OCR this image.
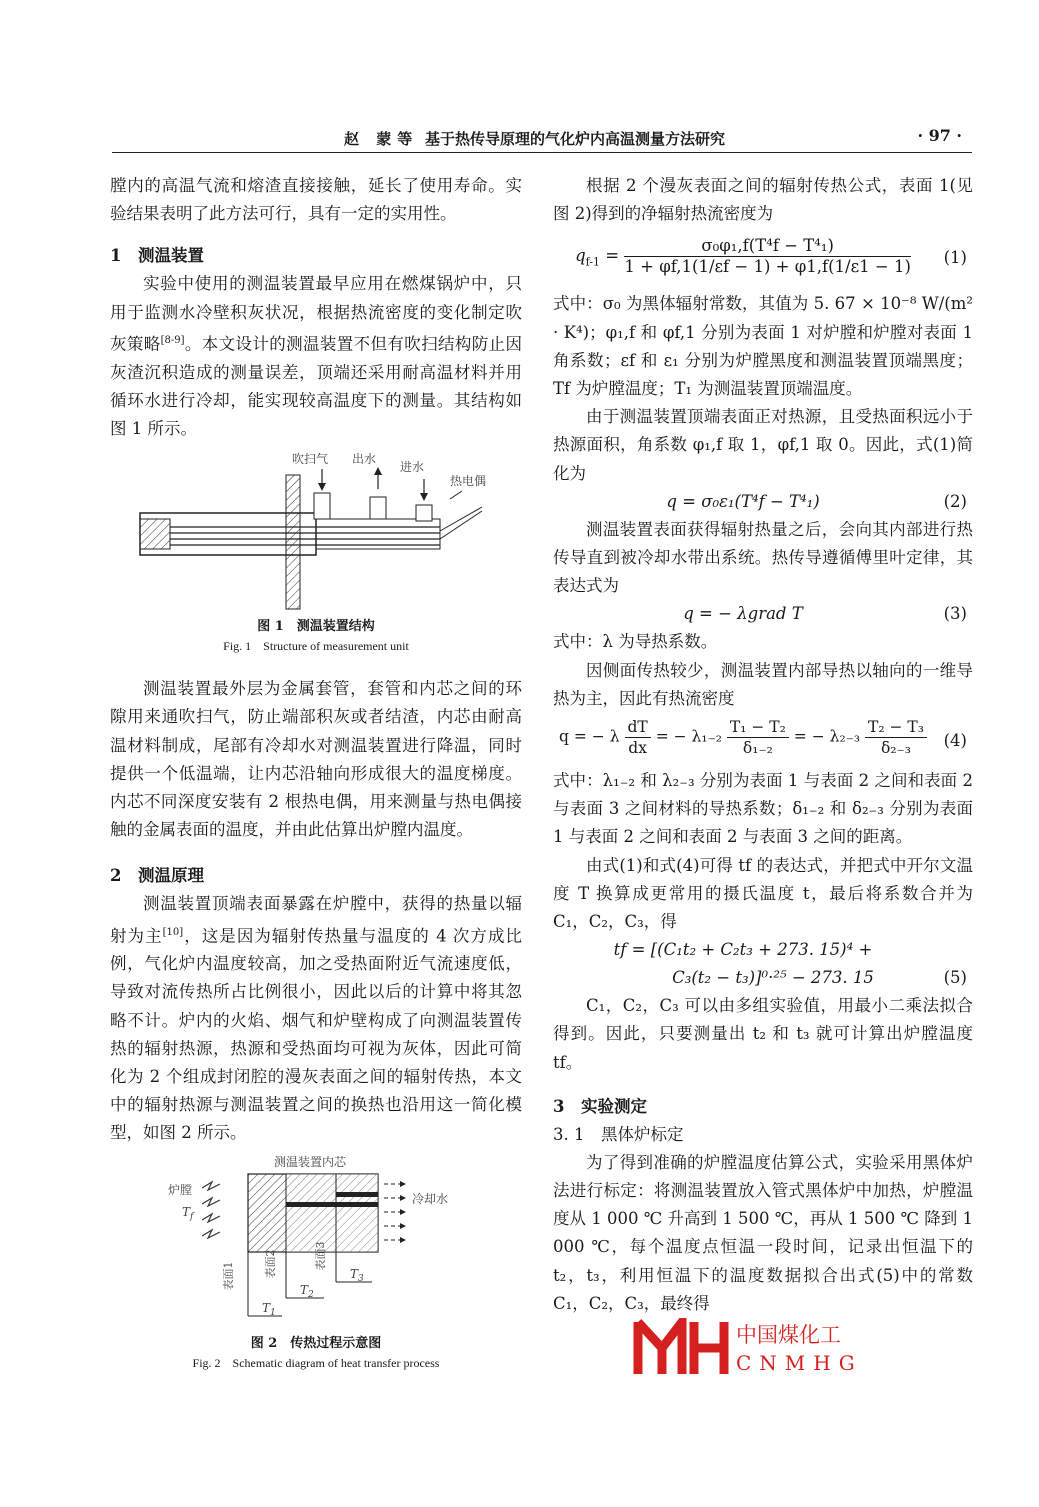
赵 蒙等 基于热传导原理的气化炉内高温测量方法研究	· 97 ·

膛内的高温气流和熔渣直接接触，延长了使用寿命。实验结果表明了此方法可行，具有一定的实用性。

1　测温装置

实验中使用的测温装置最早应用在燃煤锅炉中，只用于监测水冷壁积灰状况，根据热流密度的变化制定吹灰策略[8-9]。本文设计的测温装置不但有吹扫结构防止因灰渣沉积造成的测量误差，顶端还采用耐高温材料并用循环水进行冷却，能实现较高温度下的测量。其结构如图 1 所示。

吹扫气 出水
进水
热电偶
图 1　测温装置结构
Fig. 1　Structure of measurement unit

测温装置最外层为金属套管，套管和内芯之间的环隙用来通吹扫气，防止端部积灰或者结渣，内芯由耐高温材料制成，尾部有冷却水对测温装置进行降温，同时提供一个低温端，让内芯沿轴向形成很大的温度梯度。内芯不同深度安装有 2 根热电偶，用来测量与热电偶接触的金属表面的温度，并由此估算出炉膛内温度。

2　测温原理

测温装置顶端表面暴露在炉膛中，获得的热量以辐射为主[10]，这是因为辐射传热量与温度的 4 次方成比例，气化炉内温度较高，加之受热面附近气流速度低，导致对流传热所占比例很小，因此以后的计算中将其忽略不计。炉内的火焰、烟气和炉壁构成了向测温装置传热的辐射热源，热源和受热面均可视为灰体，因此可简化为 2 个组成封闭腔的漫灰表面之间的辐射传热，本文中的辐射热源与测温装置之间的换热也沿用这一简化模型，如图 2 所示。

测温装置内芯
炉膛
$T_f$
冷却水
表面1	表面2	表面3
$T_1$
$T_2$
$T_3$
图 2　传热过程示意图
Fig. 2　Schematic diagram of heat transfer process

根据 2 个漫灰表面之间的辐射传热公式，表面 1(见图 2)得到的净辐射热流密度为

$q_{f-1} = \frac{\text{σ₀φ₁,f(T⁴f − T⁴₁)}}{1 + \varphi f,1(1/\varepsilon f - 1) + \varphi 1,f(1/\varepsilon 1 - 1)} (1)$

式中：σ₀ 为黑体辐射常数，其值为 5. 67 × 10⁻⁸ W/(m² · K⁴)；φ₁,f 和 φf,1 分别为表面 1 对炉膛和炉膛对表面 1 角系数；εf 和 ε₁ 分别为炉膛黑度和测温装置顶端黑度；Tf 为炉膛温度；T₁ 为测温装置顶端温度。

由于测温装置顶端表面正对热源，且受热面积远小于热源面积，角系数 φ₁,f 取 1，φf,1 取 0。因此，式(1)简化为

q = σ₀ε₁(T⁴f − T⁴₁)	(2)

测温装置表面获得辐射热量之后，会向其内部进行热传导直到被冷却水带出系统。热传导遵循傅里叶定律，其表达式为

q = − λgrad T	(3)

式中：λ 为导热系数。

因侧面传热较少，测温装置内部导热以轴向的一维导热为主，因此有热流密度

q = − λ $\frac{dT}{dx}$ = − $\lambda_{1-2} \frac{\text{T₁ − T₂}}{\text{δ₁₋₂}}$ = − $\lambda_{2-3} \frac{\text{T₂ − T₃}}{\text{δ₂₋₃}} (4)$

式中：λ₁₋₂ 和 λ₂₋₃ 分别为表面 1 与表面 2 之间和表面 2 与表面 3 之间材料的导热系数；δ₁₋₂ 和 δ₂₋₃ 分别为表面 1 与表面 2 之间和表面 2 与表面 3 之间的距离。

由式(1)和式(4)可得 tf 的表达式，并把式中开尔文温度 T 换算成更常用的摄氏温度 t，最后将系数合并为 C₁，C₂，C₃，得

tf = [(C₁t₂ + C₂t₃ + 273. 15)⁴ +
C₃(t₂ − t₃)]⁰·²⁵ − 273. 15	(5)

C₁，C₂，C₃ 可以由多组实验值，用最小二乘法拟合得到。因此，只要测量出 t₂ 和 t₃ 就可计算出炉膛温度 tf。

3　实验测定
3. 1　黑体炉标定

为了得到准确的炉膛温度估算公式，实验采用黑体炉法进行标定：将测温装置放入管式黑体炉中加热，炉膛温度从 1 000 ℃ 升高到 1 500 ℃，再从 1 500 ℃ 降到 1 000 ℃，每个温度点恒温一段时间，记录出恒温下的 t₂，t₃，利用恒温下的温度数据拟合出式(5)中的常数 C₁，C₂，C₃，最终得

中国煤化工
CNMHG
